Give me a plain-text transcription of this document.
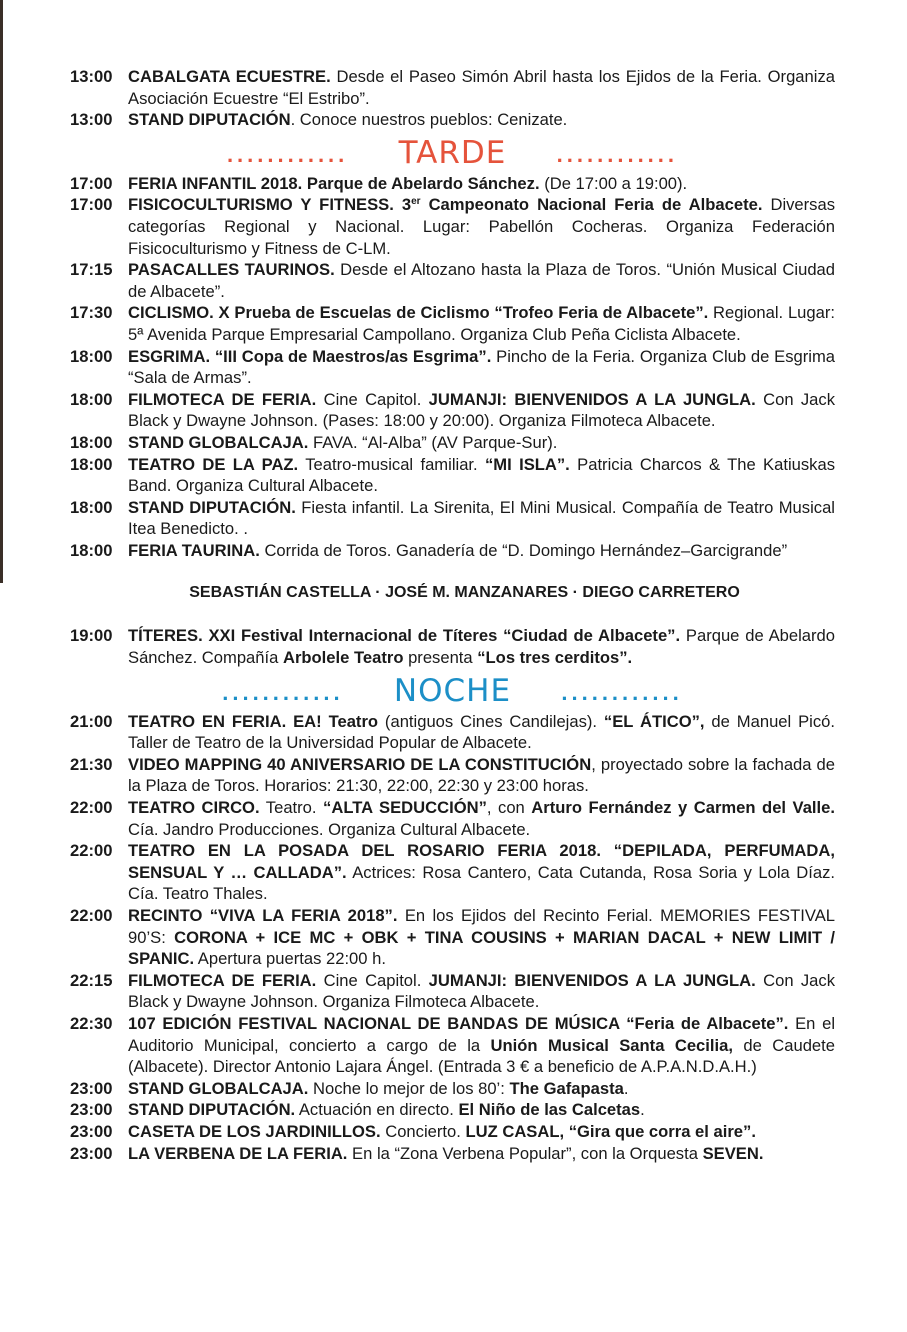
13:00 CABALGATA ECUESTRE. Desde el Paseo Simón Abril hasta los Ejidos de la Feria. Organiza Asociación Ecuestre “El Estribo”.
13:00 STAND DIPUTACIÓN. Conoce nuestros pueblos: Cenizate.
............	TARDE	............
17:00 FERIA INFANTIL 2018. Parque de Abelardo Sánchez. (De 17:00 a 19:00).
17:00 FISICOCULTURISMO Y FITNESS. 3er Campeonato Nacional Feria de Albacete. Diversas categorías Regional y Nacional. Lugar: Pabellón Cocheras. Organiza Federación Fisicoculturismo y Fitness de C-LM.
17:15 PASACALLES TAURINOS. Desde el Altozano hasta la Plaza de Toros. “Unión Musical Ciudad de Albacete”.
17:30 CICLISMO. X Prueba de Escuelas de Ciclismo “Trofeo Feria de Albacete”. Regional. Lugar: 5ª Avenida Parque Empresarial Campollano. Organiza Club Peña Ciclista Albacete.
18:00 ESGRIMA. “III Copa de Maestros/as Esgrima”. Pincho de la Feria. Organiza Club de Esgrima “Sala de Armas”.
18:00 FILMOTECA DE FERIA. Cine Capitol. JUMANJI: BIENVENIDOS A LA JUNGLA. Con Jack Black y Dwayne Johnson. (Pases: 18:00 y 20:00). Organiza Filmoteca Albacete.
18:00 STAND GLOBALCAJA. FAVA. “Al-Alba” (AV Parque-Sur).
18:00 TEATRO DE LA PAZ. Teatro-musical familiar. “MI ISLA”. Patricia Charcos & The Katiuskas Band. Organiza Cultural Albacete.
18:00 STAND DIPUTACIÓN. Fiesta infantil. La Sirenita, El Mini Musical. Compañía de Teatro Musical Itea Benedicto. .
18:00 FERIA TAURINA. Corrida de Toros. Ganadería de “D. Domingo Hernández–Garcigrande”
SEBASTIÁN CASTELLA · JOSÉ M. MANZANARES · DIEGO CARRETERO
19:00 TÍTERES. XXI Festival Internacional de Títeres “Ciudad de Albacete”. Parque de Abelardo Sánchez. Compañía Arbolele Teatro presenta “Los tres cerditos”.
............	NOCHE	............
21:00 TEATRO EN FERIA. EA! Teatro (antiguos Cines Candilejas). “EL ÁTICO”, de Manuel Picó. Taller de Teatro de la Universidad Popular de Albacete.
21:30 VIDEO MAPPING 40 ANIVERSARIO DE LA CONSTITUCIÓN, proyectado sobre la fachada de la Plaza de Toros. Horarios: 21:30, 22:00, 22:30 y 23:00 horas.
22:00 TEATRO CIRCO. Teatro. “ALTA SEDUCCIÓN”, con Arturo Fernández y Carmen del Valle. Cía. Jandro Producciones. Organiza Cultural Albacete.
22:00 TEATRO EN LA POSADA DEL ROSARIO FERIA 2018. “DEPILADA, PERFUMADA, SENSUAL Y … CALLADA”. Actrices: Rosa Cantero, Cata Cutanda, Rosa Soria y Lola Díaz. Cía. Teatro Thales.
22:00 RECINTO “VIVA LA FERIA 2018”. En los Ejidos del Recinto Ferial. MEMORIES FESTIVAL 90’S: CORONA + ICE MC + OBK + TINA COUSINS + MARIAN DACAL + NEW LIMIT / SPANIC. Apertura puertas 22:00 h.
22:15 FILMOTECA DE FERIA. Cine Capitol. JUMANJI: BIENVENIDOS A LA JUNGLA. Con Jack Black y Dwayne Johnson. Organiza Filmoteca Albacete.
22:30 107 EDICIÓN FESTIVAL NACIONAL DE BANDAS DE MÚSICA “Feria de Albacete”. En el Auditorio Municipal, concierto a cargo de la Unión Musical Santa Cecilia, de Caudete (Albacete). Director Antonio Lajara Ángel. (Entrada 3 € a beneficio de A.P.A.N.D.A.H.)
23:00 STAND GLOBALCAJA. Noche lo mejor de los 80’: The Gafapasta.
23:00 STAND DIPUTACIÓN. Actuación en directo. El Niño de las Calcetas.
23:00 CASETA DE LOS JARDINILLOS. Concierto. LUZ CASAL, “Gira que corra el aire”.
23:00 LA VERBENA DE LA FERIA. En la “Zona Verbena Popular”, con la Orquesta SEVEN.
